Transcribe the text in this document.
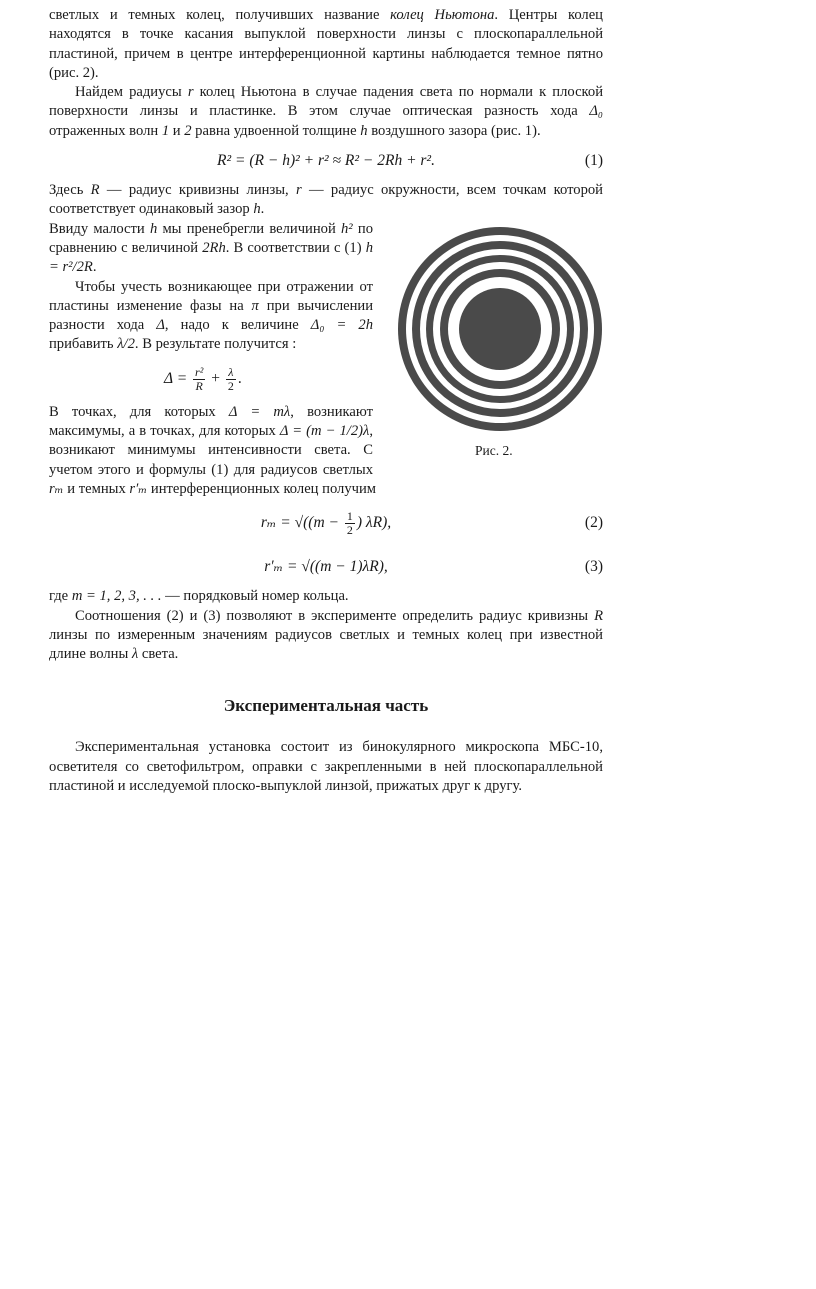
светлых и темных колец, получивших название колец Ньютона. Центры колец находятся в точке касания выпуклой поверхности линзы с плоскопараллельной пластиной, причем в центре интерференционной картины наблюдается темное пятно (рис. 2).

Найдем радиусы r колец Ньютона в случае падения света по нормали к плоской поверхности линзы и пластинке. В этом случае оптическая разность хода Δ₀ отраженных волн 1 и 2 равна удвоенной толщине h воздушного зазора (рис. 1).

R² = (R − h)² + r² ≈ R² − 2Rh + r².	(1)

Здесь R — радиус кривизны линзы, r — радиус окружности, всем точкам которой соответствует одинаковый зазор h.

Рис. 2.

Ввиду малости h мы пренебрегли величиной h² по сравнению с величиной 2Rh. В соответствии с (1) h = r²/2R.

Чтобы учесть возникающее при отражении от пластины изменение фазы на π при вычислении разности хода Δ, надо к величине Δ₀ = 2h прибавить λ/2. В результате получится :

$\Delta = \frac{\text{r²}}{R} + \frac{\lambda}{2}$ .

В точках, для которых Δ = mλ, возникают максимумы, а в точках, для которых Δ = (m − 1/2)λ, возникают минимумы интенсивности света. С учетом этого и формулы (1) для радиусов светлых rₘ и темных r′ₘ интерференционных колец получим

$r_m = √((m - \frac{1}{2}$ ) λR),	(2)
r′ₘ = √((m − 1)λR),	(3)

где m = 1, 2, 3, . . . — порядковый номер кольца.

Соотношения (2) и (3) позволяют в эксперименте определить радиус кривизны R линзы по измеренным значениям радиусов светлых и темных колец при известной длине волны λ света.

Экспериментальная часть

Экспериментальная установка состоит из бинокулярного микроскопа МБС-10, осветителя со светофильтром, оправки с закрепленными в ней плоскопараллельной пластиной и исследуемой плоско-выпуклой линзой, прижатых друг к другу.
